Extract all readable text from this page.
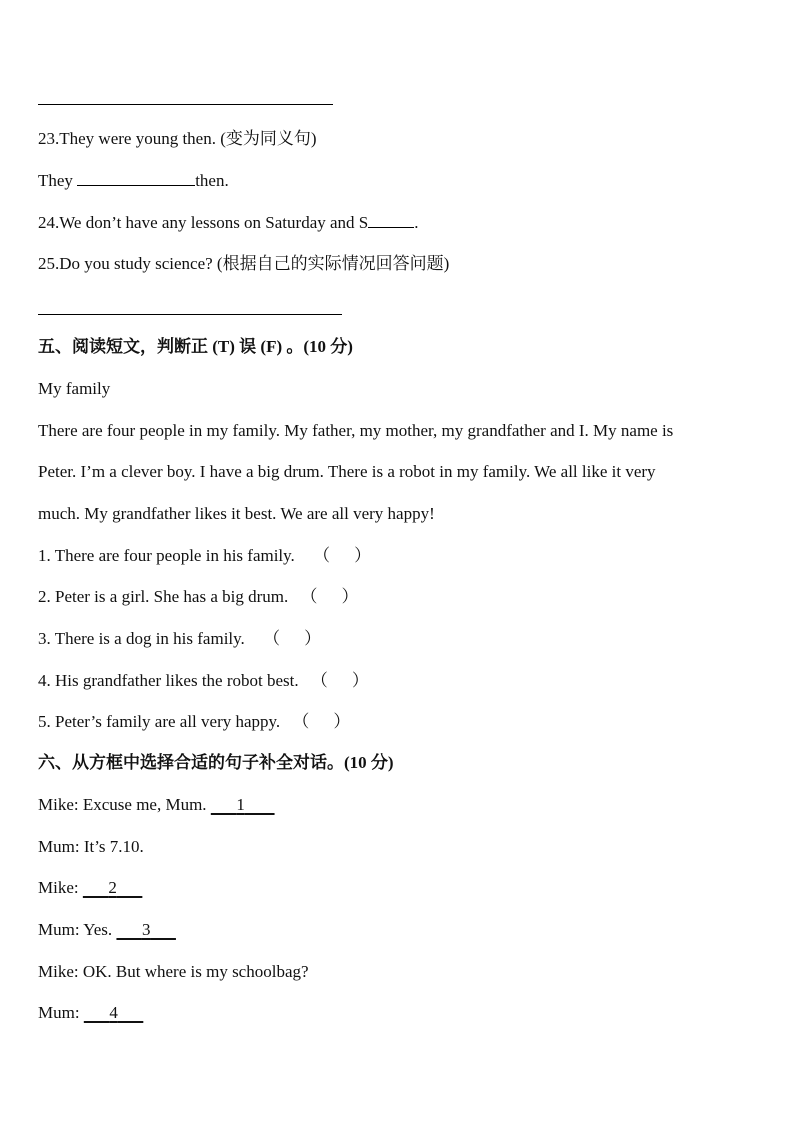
23.They were young then. (变为同义句)
They	then.
24.We don’t have any lessons on Saturday and S	.
25.Do you study science? (根据自己的实际情况回答问题)
五、阅读短文，判断正 (T) 误 (F) 。(10 分)
My family
There are four people in my family. My father, my mother, my grandfather and I. My name is
Peter. I’m a clever boy. I have a big drum. There is a robot in my family. We all like it very
much. My grandfather likes it best. We are all very happy!
1. There are four people in his family. （ ）
2. Peter is a girl. She has a big drum. （ ）
3. There is a dog in his family. （ ）
4. His grandfather likes the robot best. （ ）
5. Peter’s family are all very happy. （ ）
六、从方框中选择合适的句子补全对话。(10 分)
Mike: Excuse me, Mum. 1
Mum: It’s 7.10.
Mike: 2
Mum: Yes. 3
Mike: OK. But where is my schoolbag?
Mum: 4
